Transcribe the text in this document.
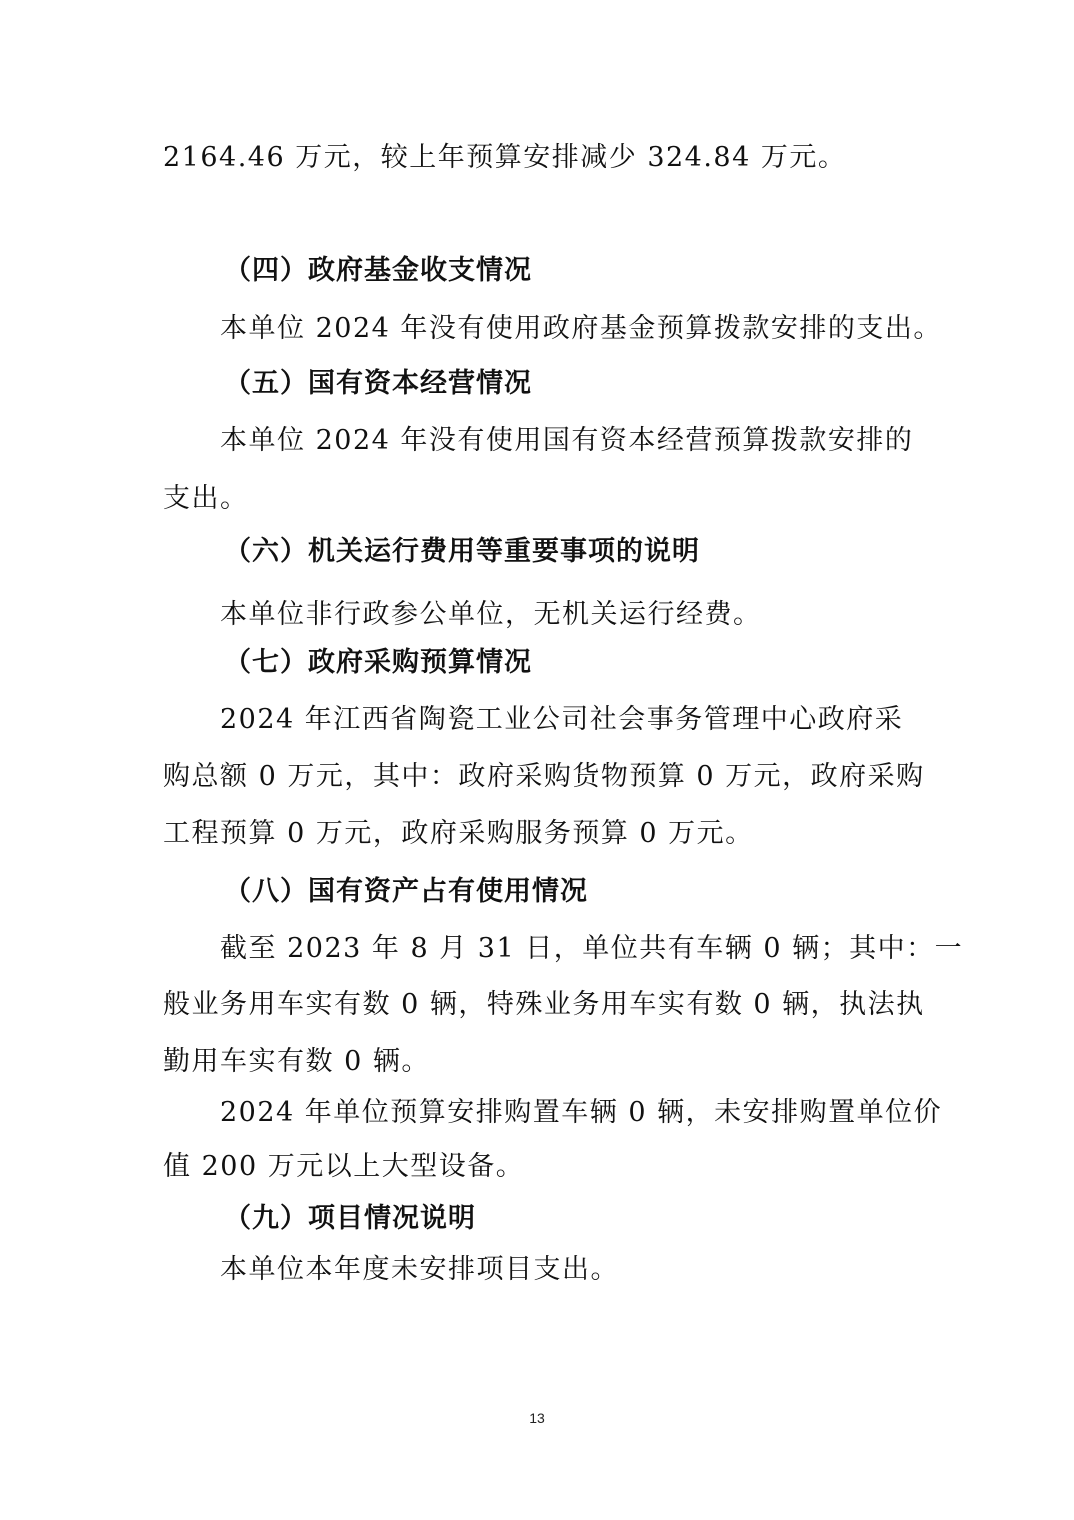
2164.46 万元，较上年预算安排减少 324.84 万元。
（四）政府基金收支情况
本单位 2024 年没有使用政府基金预算拨款安排的支出。
（五）国有资本经营情况
本单位 2024 年没有使用国有资本经营预算拨款安排的
支出。
（六）机关运行费用等重要事项的说明
本单位非行政参公单位，无机关运行经费。
（七）政府采购预算情况
2024 年江西省陶瓷工业公司社会事务管理中心政府采
购总额 0 万元，其中：政府采购货物预算 0 万元，政府采购
工程预算 0 万元，政府采购服务预算 0 万元。
（八）国有资产占有使用情况
截至 2023 年 8 月 31 日，单位共有车辆 0 辆；其中：一
般业务用车实有数 0 辆，特殊业务用车实有数 0 辆，执法执
勤用车实有数 0 辆。
2024 年单位预算安排购置车辆 0 辆，未安排购置单位价
值 200 万元以上大型设备。
（九）项目情况说明
本单位本年度未安排项目支出。
13
